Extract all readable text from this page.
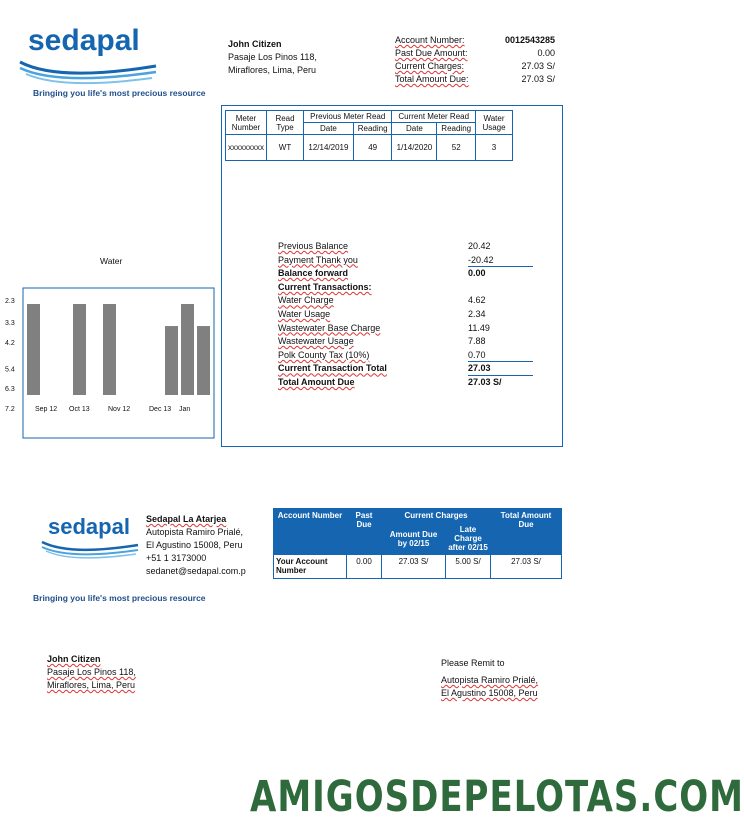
sedapal
Bringing you life's most precious resource
John Citizen
Pasaje Los Pinos 118,
Miraflores, Lima, Peru
Account Number:	0012543285
Past Due Amount:	0.00
Current Charges:	27.03 S/
Total Amount Due:	27.03 S/
Meter Number	Read Type	Previous Meter Read		Current Meter Read		Water Usage
		Date	Reading	Date	Reading	
xxxxxxxxx	WT	12/14/2019	49	1/14/2020	52	3
Previous Balance	20.42
Payment Thank you	-20.42
Balance forward	0.00
Current Transactions:
Water Charge	4.62
Water Usage	2.34
Wastewater Base Charge	11.49
Wastewater Usage	7.88
Polk County Tax (10%)	0.70
Current Transaction Total	27.03
Total Amount Due	27.03 S/
Water
2.3
3.3
4.2
5.4
6.3
7.2	Sep 12 Oct 13	Nov 12	Dec 13 Jan
sedapal
Bringing you life's most precious resource
Sedapal La Atarjea
Autopista Ramiro Prialé,
El Agustino 15008, Peru
+51 1 3173000
sedanet@sedapal.com.p
Account Number	Past Due	Current Charges		Total Amount Due
		Amount Due by 02/15	Late Charge after 02/15	
Your Account Number	0.00	27.03 S/	5.00 S/	27.03 S/
John Citizen
Pasaje Los Pinos 118,
Miraflores, Lima, Peru
Please Remit to
Autopista Ramiro Prialé,
El Agustino 15008, Peru
AMIGOSDEPELOTAS.COM
